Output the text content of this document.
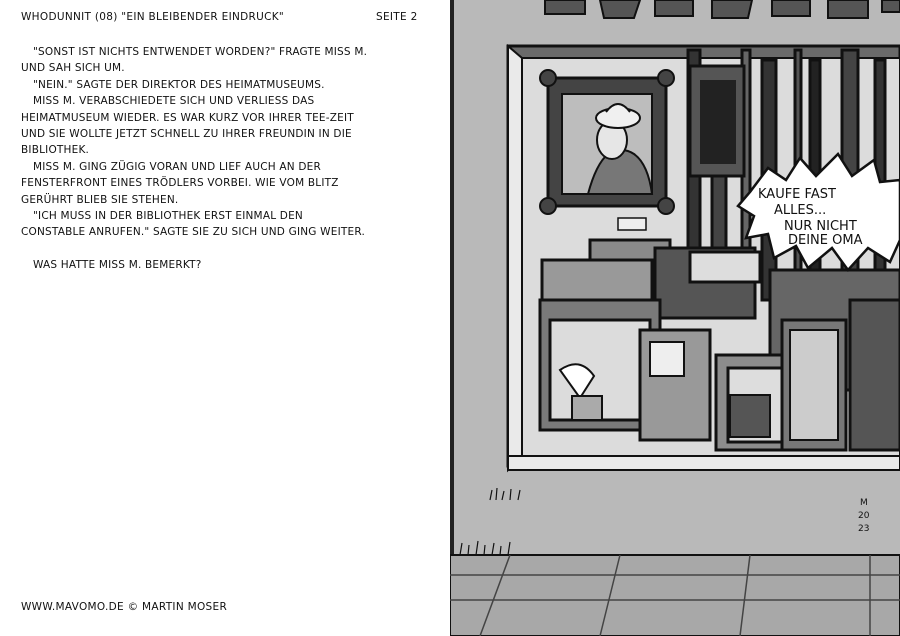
WHODUNNIT (08) "EIN BLEIBENDER EINDRUCK"	SEITE 2

"SONST IST NICHTS ENTWENDET WORDEN?" FRAGTE MISS M.

UND SAH SICH UM.

"NEIN." SAGTE DER DIREKTOR DES HEIMATMUSEUMS.

MISS M. VERABSCHIEDETE SICH UND VERLIESS DAS

HEIMATMUSEUM WIEDER. ES WAR KURZ VOR IHRER TEE-ZEIT

UND SIE WOLLTE JETZT SCHNELL ZU IHRER FREUNDIN IN DIE

BIBLIOTHEK.

MISS M. GING ZÜGIG VORAN UND LIEF AUCH AN DER

FENSTERFRONT EINES TRÖDLERS VORBEI. WIE VOM BLITZ

GERÜHRT BLIEB SIE STEHEN.

"ICH MUSS IN DER BIBLIOTHEK ERST EINMAL DEN

CONSTABLE ANRUFEN." SAGTE SIE ZU SICH UND GING WEITER.

WAS HATTE MISS M. BEMERKT?

WWW.MAVOMO.DE © MARTIN MOSER
KAUFE FAST
ALLES...
NUR NICHT
DEINE OMA
M
20
23
